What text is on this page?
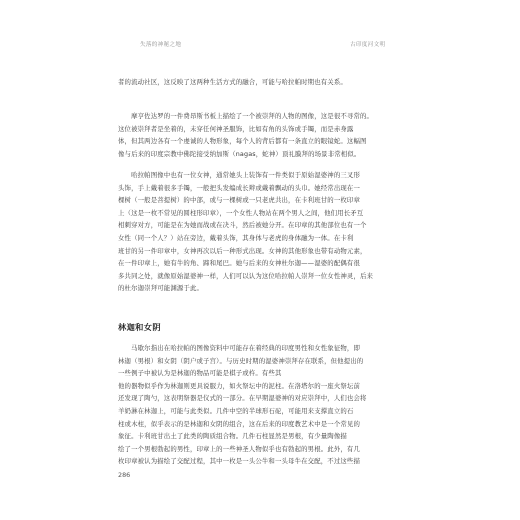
失落的神秘之地	古印度河文明

者的流动社区，这反映了这两种生活方式的融合，可能与哈拉帕时期也有关系。

　　摩亨佐达罗的一件费昂斯书板上描绘了一个被崇拜的人物的图像，这是很不寻常的。

这位被崇拜者是坐着的，未穿任何神圣服饰，比如有角的头饰或手镯，而是赤身露

体，但其两边各有一个虔诚的人物形象，每个人的背后都有一条直立的眼镜蛇。这幅图

像与后来的印度宗教中佛陀接受纳加斯（nagas，蛇神）顶礼膜拜的场景非常相似。

　　哈拉帕图像中也有一位女神，通常她头上装饰有一件类似于原始湿婆神的三叉形

头饰，手上戴着很多手镯，一般把头发编成长辫或戴着飘动的头巾。她经常出现在一

棵树（一般是菩提树）的中部，或与一棵树或一只老虎共出，在卡利班甘的一枚印章

上（这是一枚不常见的圆柱形印章），一个女性人物站在两个男人之间，他们用长矛互

相刺穿对方，可能是在为她而战或在决斗，然后被她分开。在印章的其他部位也有一个

女性（同一个人？）站在旁边，戴着头饰，其身体与老虎的身体融为一体。在卡利

班甘的另一件印章中，女神再次以后一种形式出现。女神的其他形象也带有动物元素，

在一件印章上，她有牛的角、蹄和尾巴。她与后来的女神杜尔迦——湿婆的配偶有很

多共同之处，就像原始湿婆神一样，人们可以认为这位哈拉帕人崇拜一位女性神灵，后来

的杜尔迦崇拜可能渊源于此。

林迦和女阴

　　马歇尔指出在哈拉帕的图像资料中可能存在着经典的印度男性和女性象征物，即

林迦（男根）和女阴（阴户或子宫）。与历史时期的湿婆神崇拜存在联系，但他提出的

一些例子中被认为是林迦的物品可能是棋子或杵。有些其

他的器物似乎作为林迦则更具说服力，如火祭坛中的泥柱。在洛塔尔的一座火祭坛前

还发现了陶勺，这表明祭器是仪式的一部分。在早期湿婆神的对应崇拜中，人们也会将

羊奶淋在林迦上，可能与此类似。几件中空的半球形石砣，可能用来支撑直立的石

柱或木柱，似乎表示的是林迦和女阴的组合，这在后来的印度教艺术中是一个常见的

象征。卡利班甘出土了此类的陶质组合物。几件石柱显然是男根，有少量陶像描

绘了一个男根勃起的男性，印章上的一些神圣人物似乎也有勃起的男根。此外，有几

枚印章被认为描绘了交配过程，其中一枚是一头公牛和一头母牛在交配，不过这些描

286
